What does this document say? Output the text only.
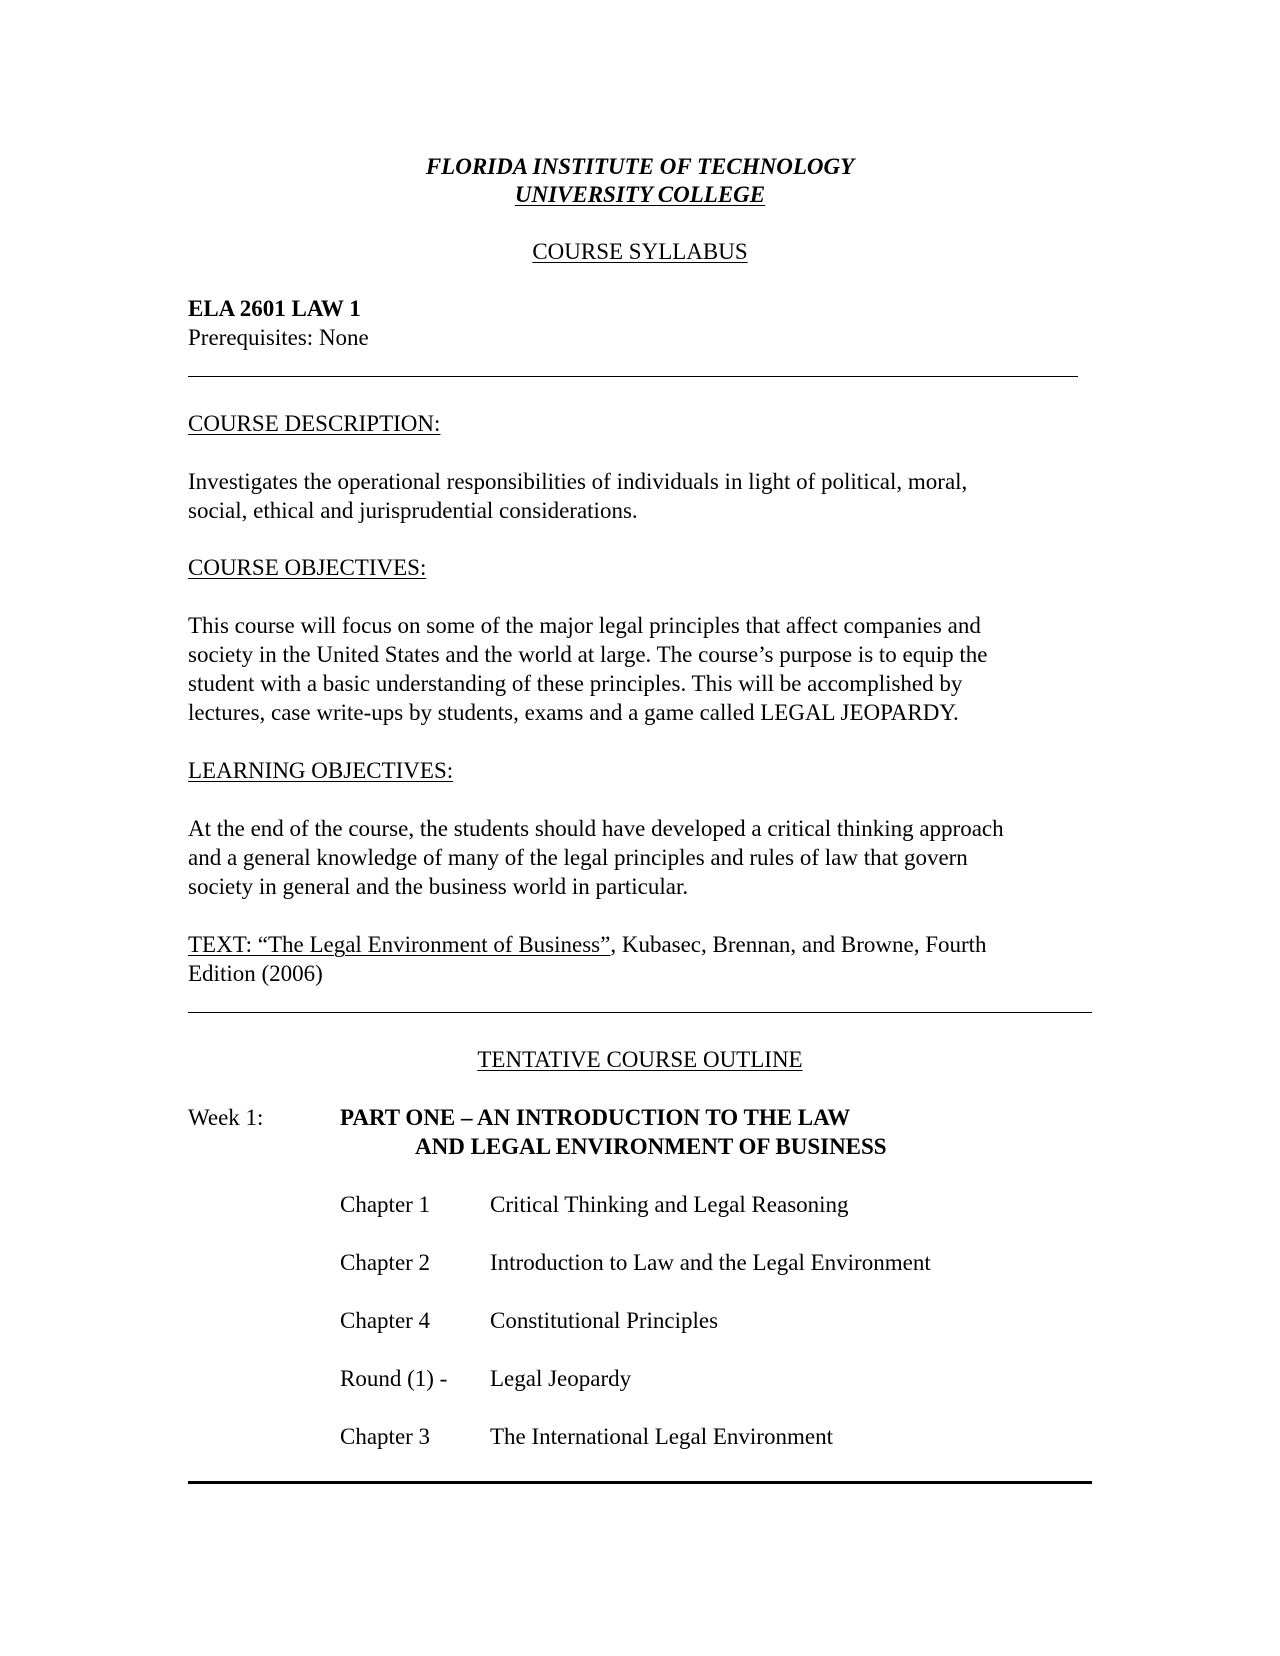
FLORIDA INSTITUTE OF TECHNOLOGY
UNIVERSITY COLLEGE
COURSE SYLLABUS
ELA 2601 LAW 1
Prerequisites: None
COURSE DESCRIPTION:
Investigates the operational responsibilities of individuals in light of political, moral,
social, ethical and jurisprudential considerations.
COURSE OBJECTIVES:
This course will focus on some of the major legal principles that affect companies and
society in the United States and the world at large. The course’s purpose is to equip the
student with a basic understanding of these principles. This will be accomplished by
lectures, case write-ups by students, exams and a game called LEGAL JEOPARDY.
LEARNING OBJECTIVES:
At the end of the course, the students should have developed a critical thinking approach
and a general knowledge of many of the legal principles and rules of law that govern
society in general and the business world in particular.
TEXT: “The Legal Environment of Business”, Kubasec, Brennan, and Browne, Fourth
Edition (2006)
TENTATIVE COURSE OUTLINE
Week 1:	PART ONE – AN INTRODUCTION TO THE LAW
AND LEGAL ENVIRONMENT OF BUSINESS
Chapter 1	Critical Thinking and Legal Reasoning
Chapter 2	Introduction to Law and the Legal Environment
Chapter 4	Constitutional Principles
Round (1) - Legal Jeopardy
Chapter 3	The International Legal Environment
